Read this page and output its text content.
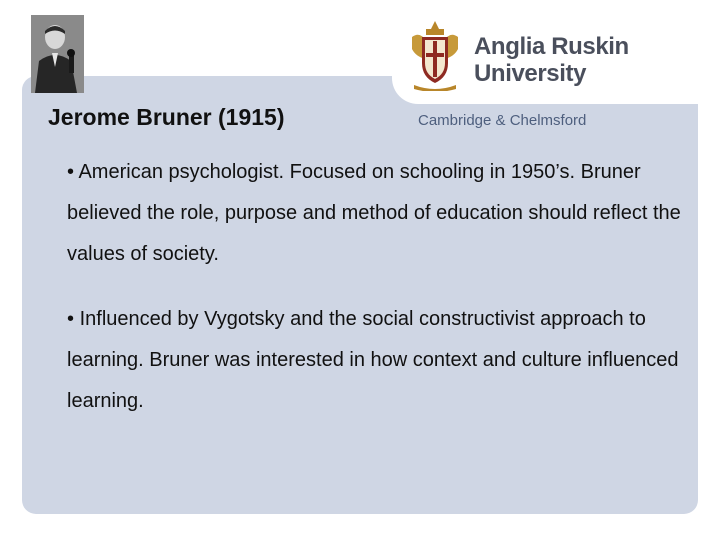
Anglia Ruskin
University
Cambridge & Chelmsford
Jerome Bruner (1915)
• American psychologist. Focused on schooling in 1950’s. Bruner believed the role, purpose and method of education should reflect the values of society.
• Influenced by Vygotsky and the social constructivist approach to learning. Bruner was interested in how context and culture influenced learning.
